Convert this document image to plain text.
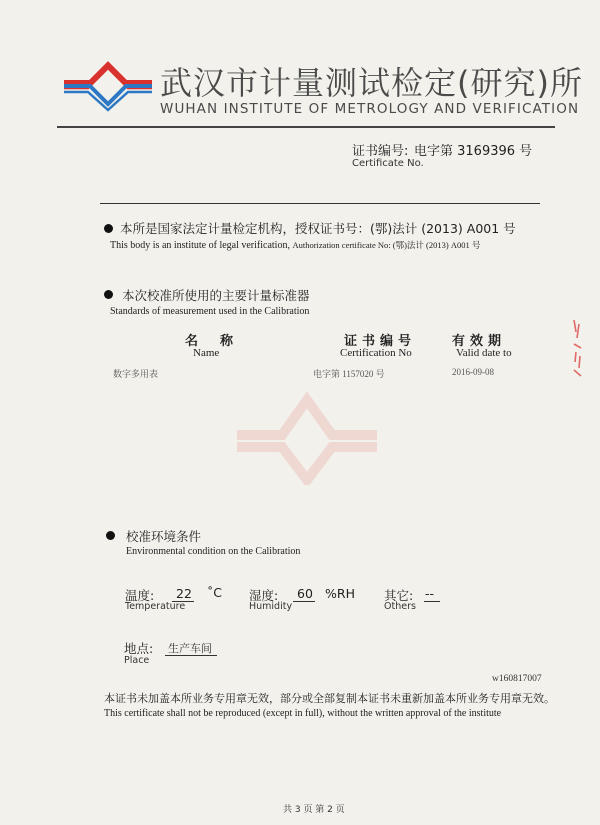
武汉市计量测试检定(研究)所
WUHAN INSTITUTE OF METROLOGY AND VERIFICATION
证书编号: 电字第 3169396 号
Certificate No.
本所是国家法定计量检定机构，授权证书号：(鄂)法计 (2013) A001 号
This body is an institute of legal verification, Authorization certificate No: (鄂)法计 (2013) A001 号
本次校准所使用的主要计量标准器
Standards of measurement used in the Calibration
名称
Name
证书编号
Certification No
有效期
Valid date to
数字多用表	电字第 1157020 号	2016-09-08
校准环境条件
Environmental condition on the Calibration
温度: 22 ˚C
Temperature
湿度: 60 %RH
Humidity
其它: --
Others
地点: 生产车间
Place
w160817007
本证书未加盖本所业务专用章无效，部分或全部复制本证书未重新加盖本所业务专用章无效。
This certificate shall not be reproduced (except in full), without the written approval of the institute
共 3 页 第 2 页
